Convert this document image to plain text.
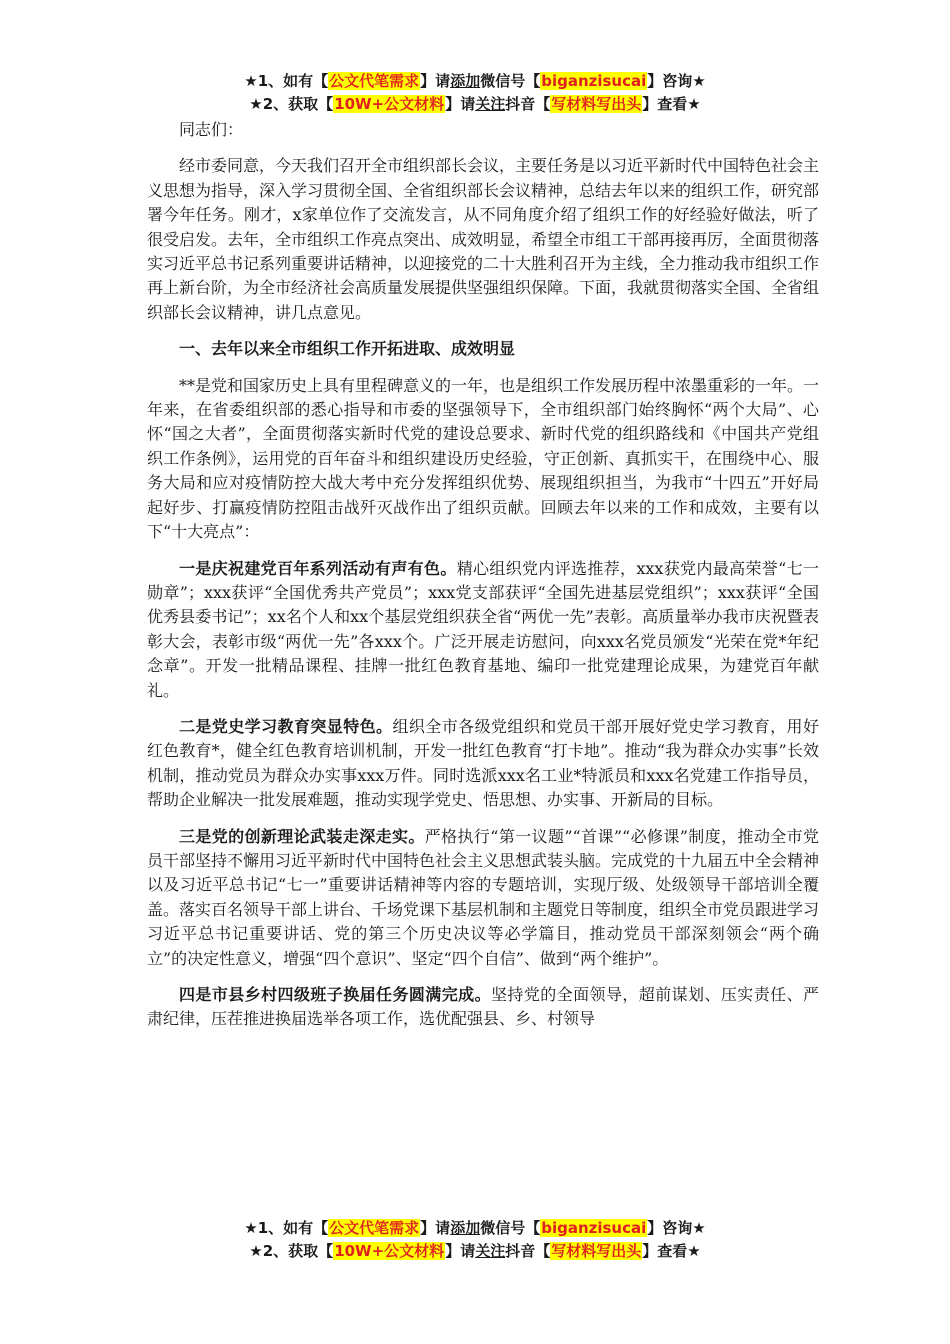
★1、如有【公文代笔需求】请添加微信号【biganzisucai】咨询★
★2、获取【10W+公文材料】请关注抖音【写材料写出头】查看★

同志们：

经市委同意，今天我们召开全市组织部长会议，主要任务是以习近平新时代中国特色社会主义思想为指导，深入学习贯彻全国、全省组织部长会议精神，总结去年以来的组织工作，研究部署今年任务。刚才，x家单位作了交流发言，从不同角度介绍了组织工作的好经验好做法，听了很受启发。去年，全市组织工作亮点突出、成效明显，希望全市组工干部再接再厉，全面贯彻落实习近平总书记系列重要讲话精神，以迎接党的二十大胜利召开为主线，全力推动我市组织工作再上新台阶，为全市经济社会高质量发展提供坚强组织保障。下面，我就贯彻落实全国、全省组织部长会议精神，讲几点意见。

一、去年以来全市组织工作开拓进取、成效明显

**是党和国家历史上具有里程碑意义的一年，也是组织工作发展历程中浓墨重彩的一年。一年来，在省委组织部的悉心指导和市委的坚强领导下，全市组织部门始终胸怀“两个大局”、心怀“国之大者”，全面贯彻落实新时代党的建设总要求、新时代党的组织路线和《中国共产党组织工作条例》，运用党的百年奋斗和组织建设历史经验，守正创新、真抓实干，在围绕中心、服务大局和应对疫情防控大战大考中充分发挥组织优势、展现组织担当，为我市“十四五”开好局起好步、打赢疫情防控阻击战歼灭战作出了组织贡献。回顾去年以来的工作和成效，主要有以下“十大亮点”：

一是庆祝建党百年系列活动有声有色。精心组织党内评选推荐，xxx获党内最高荣誉“七一勋章”；xxx获评“全国优秀共产党员”；xxx党支部获评“全国先进基层党组织”；xxx获评“全国优秀县委书记”；xx名个人和xx个基层党组织获全省“两优一先”表彰。高质量举办我市庆祝暨表彰大会，表彰市级“两优一先”各xxx个。广泛开展走访慰问，向xxx名党员颁发“光荣在党*年纪念章”。开发一批精品课程、挂牌一批红色教育基地、编印一批党建理论成果，为建党百年献礼。

二是党史学习教育突显特色。组织全市各级党组织和党员干部开展好党史学习教育，用好红色教育*，健全红色教育培训机制，开发一批红色教育“打卡地”。推动“我为群众办实事”长效机制，推动党员为群众办实事xxx万件。同时选派xxx名工业*特派员和xxx名党建工作指导员，帮助企业解决一批发展难题，推动实现学党史、悟思想、办实事、开新局的目标。

三是党的创新理论武装走深走实。严格执行“第一议题”“首课”“必修课”制度，推动全市党员干部坚持不懈用习近平新时代中国特色社会主义思想武装头脑。完成党的十九届五中全会精神以及习近平总书记“七一”重要讲话精神等内容的专题培训，实现厅级、处级领导干部培训全覆盖。落实百名领导干部上讲台、千场党课下基层机制和主题党日等制度，组织全市党员跟进学习习近平总书记重要讲话、党的第三个历史决议等必学篇目，推动党员干部深刻领会“两个确立”的决定性意义，增强“四个意识”、坚定“四个自信”、做到“两个维护”。

四是市县乡村四级班子换届任务圆满完成。坚持党的全面领导，超前谋划、压实责任、严肃纪律，压茬推进换届选举各项工作，选优配强县、乡、村领导

★1、如有【公文代笔需求】请添加微信号【biganzisucai】咨询★
★2、获取【10W+公文材料】请关注抖音【写材料写出头】查看★
